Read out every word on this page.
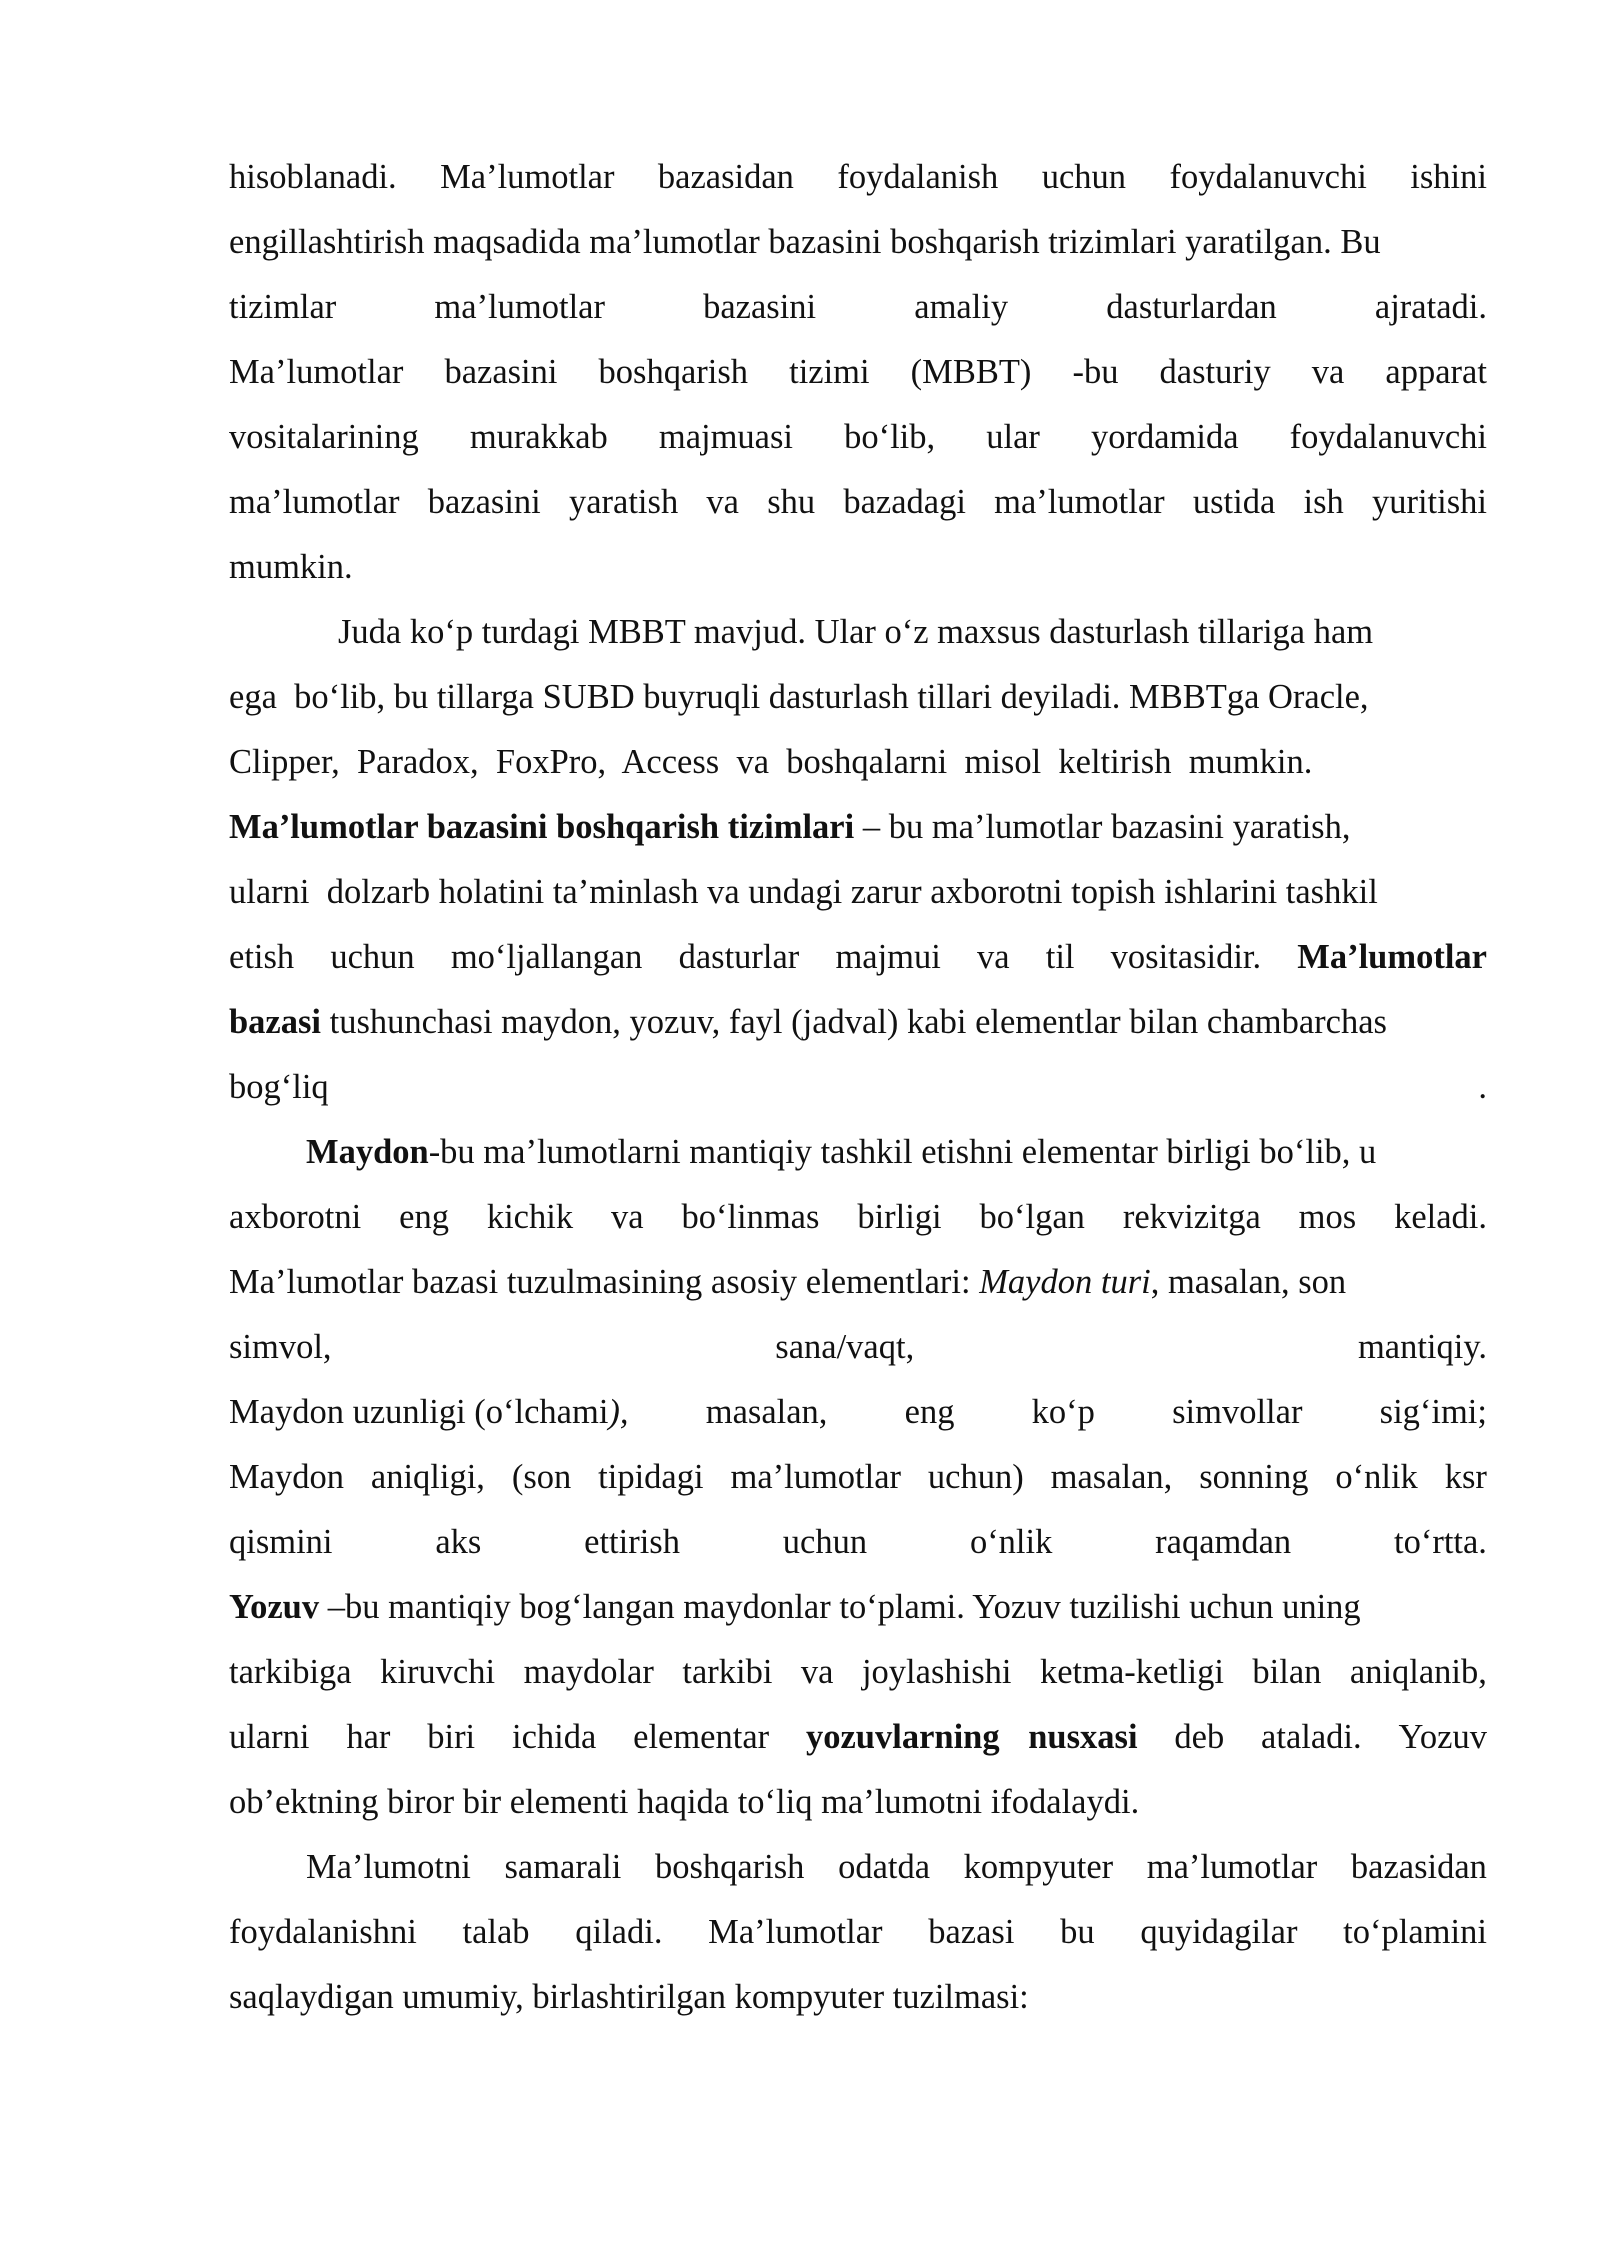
hisoblanadi. Ma’lumotlar bazasidan foydalanish uchun foydalanuvchi ishini
engillashtirish maqsadida ma’lumotlar bazasini boshqarish trizimlari yaratilgan. Bu
tizimlar	ma’lumotlar	bazasini	amaliy	dasturlardan	ajratadi.
Ma’lumotlar bazasini boshqarish tizimi (MBBT) -bu dasturiy va apparat
vositalarining murakkab majmuasi bo‘lib, ular yordamida foydalanuvchi
ma’lumotlar bazasini yaratish va shu bazadagi ma’lumotlar ustida ish yuritishi
mumkin.
Juda ko‘p turdagi MBBT mavjud. Ular o‘z maxsus dasturlash tillariga ham
ega  bo‘lib, bu tillarga SUBD buyruqli dasturlash tillari deyiladi. MBBTga Oracle,
Clipper,  Paradox,  FoxPro,  Access  va  boshqalarni  misol  keltirish  mumkin.
Ma’lumotlar bazasini boshqarish tizimlari – bu ma’lumotlar bazasini yaratish,
ularni  dolzarb holatini ta’minlash va undagi zarur axborotni topish ishlarini tashkil
etish uchun mo‘ljallangan dasturlar majmui va til vositasidir. Ma’lumotlar
bazasi tushunchasi maydon, yozuv, fayl (jadval) kabi elementlar bilan chambarchas
bog‘liq	.
Maydon-bu ma’lumotlarni mantiqiy tashkil etishni elementar birligi bo‘lib, u
axborotni eng kichik va bo‘linmas birligi bo‘lgan rekvizitga mos keladi.
Ma’lumotlar bazasi tuzulmasining asosiy elementlari: Maydon turi, masalan, son
simvol,	sana/vaqt,	mantiqiy.
Maydon uzunligi (o‘lchami), masalan, eng ko‘p simvollar sig‘imi;
Maydon aniqligi, (son tipidagi ma’lumotlar uchun) masalan, sonning o‘nlik ksr
qismini	aks	ettirish	uchun	o‘nlik	raqamdan	to‘rtta.
Yozuv –bu mantiqiy bog‘langan maydonlar to‘plami. Yozuv tuzilishi uchun uning
tarkibiga kiruvchi maydolar tarkibi va joylashishi ketma-ketligi bilan aniqlanib,
ularni har biri ichida elementar yozuvlarning nusxasi deb ataladi. Yozuv
ob’ektning biror bir elementi haqida to‘liq ma’lumotni ifodalaydi.
Ma’lumotni samarali boshqarish odatda kompyuter ma’lumotlar bazasidan
foydalanishni talab qiladi. Ma’lumotlar bazasi bu quyidagilar to‘plamini
saqlaydigan umumiy, birlashtirilgan kompyuter tuzilmasi:
